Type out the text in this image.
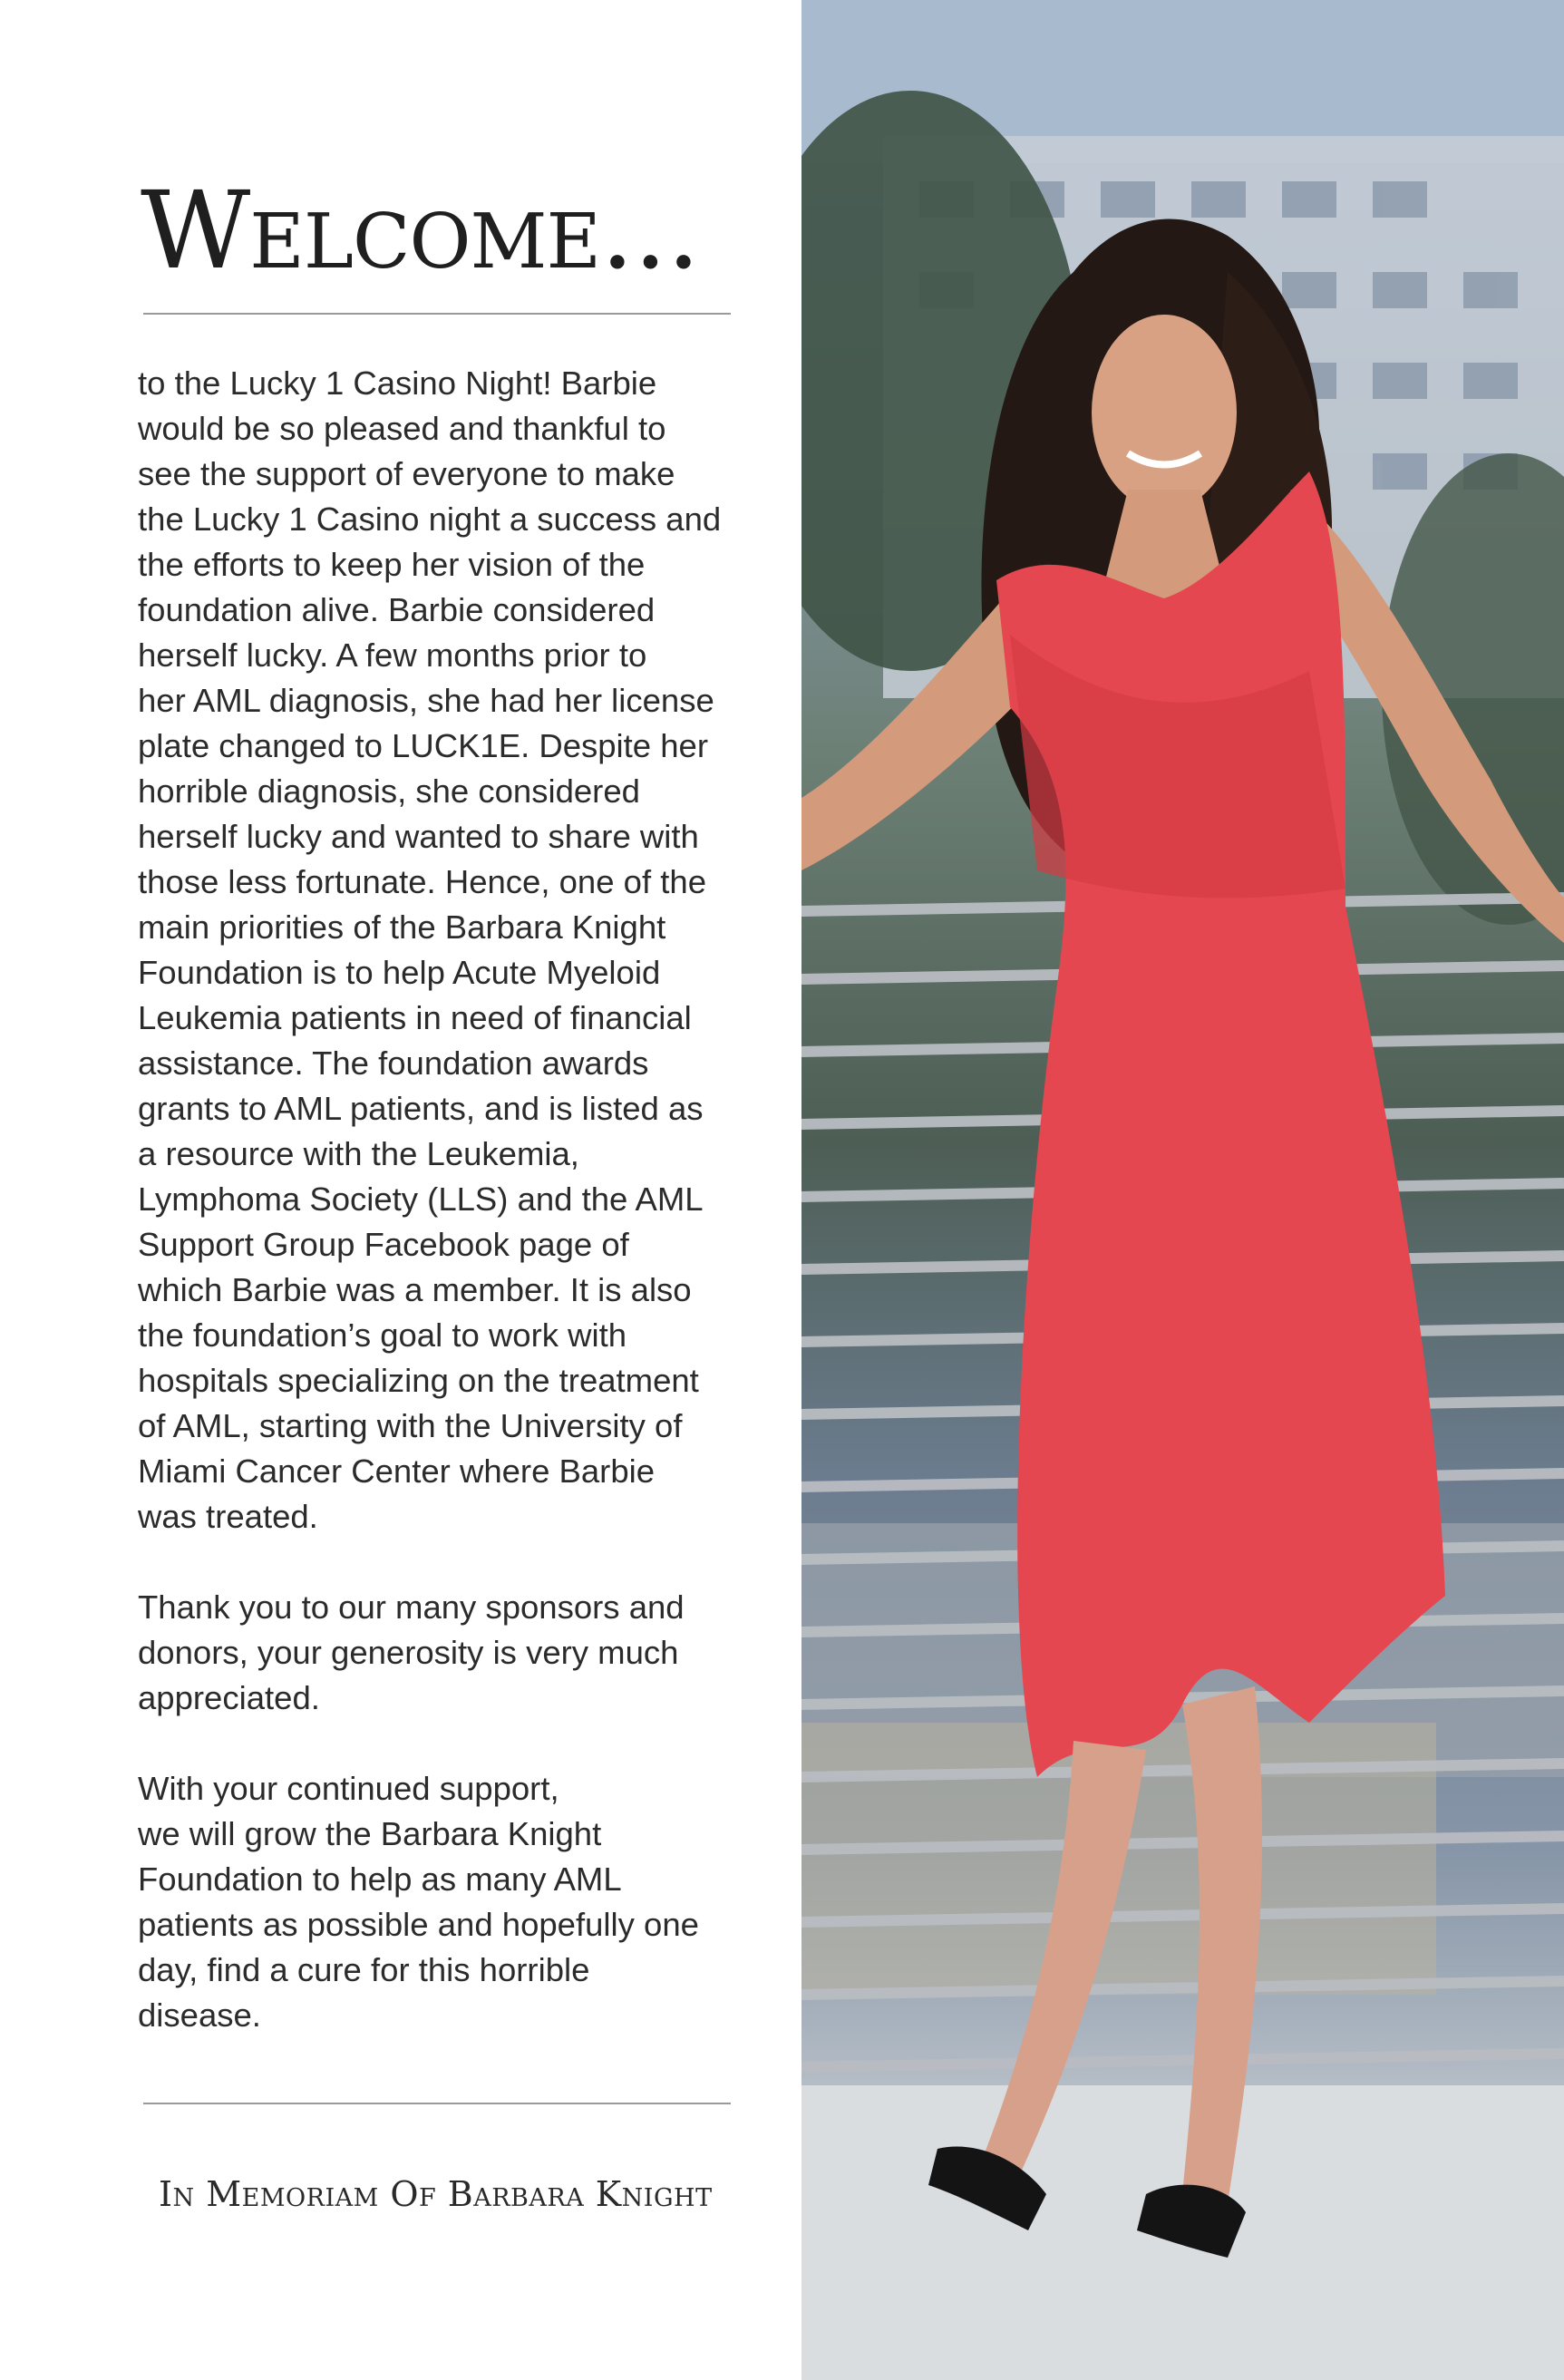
Welcome...

to the Lucky 1 Casino Night! Barbie
would be so pleased and thankful to
see the support of everyone to make
the Lucky 1 Casino night a success and
the efforts to keep her vision of the
foundation alive. Barbie considered
herself lucky. A few months prior to
her AML diagnosis, she had her license
plate changed to LUCK1E. Despite her
horrible diagnosis, she considered
herself lucky and wanted to share with
those less fortunate. Hence, one of the
main priorities of the Barbara Knight
Foundation is to help Acute Myeloid
Leukemia patients in need of financial
assistance. The foundation awards
grants to AML patients, and is listed as
a resource with the Leukemia,
Lymphoma Society (LLS) and the AML
Support Group Facebook page of
which Barbie was a member. It is also
the foundation’s goal to work with
hospitals specializing on the treatment
of AML, starting with the University of
Miami Cancer Center where Barbie
was treated.

Thank you to our many sponsors and
donors, your generosity is very much
appreciated.

With your continued support,
we will grow the Barbara Knight
Foundation to help as many AML
patients as possible and hopefully one
day, find a cure for this horrible
disease.

In Memoriam Of Barbara Knight
